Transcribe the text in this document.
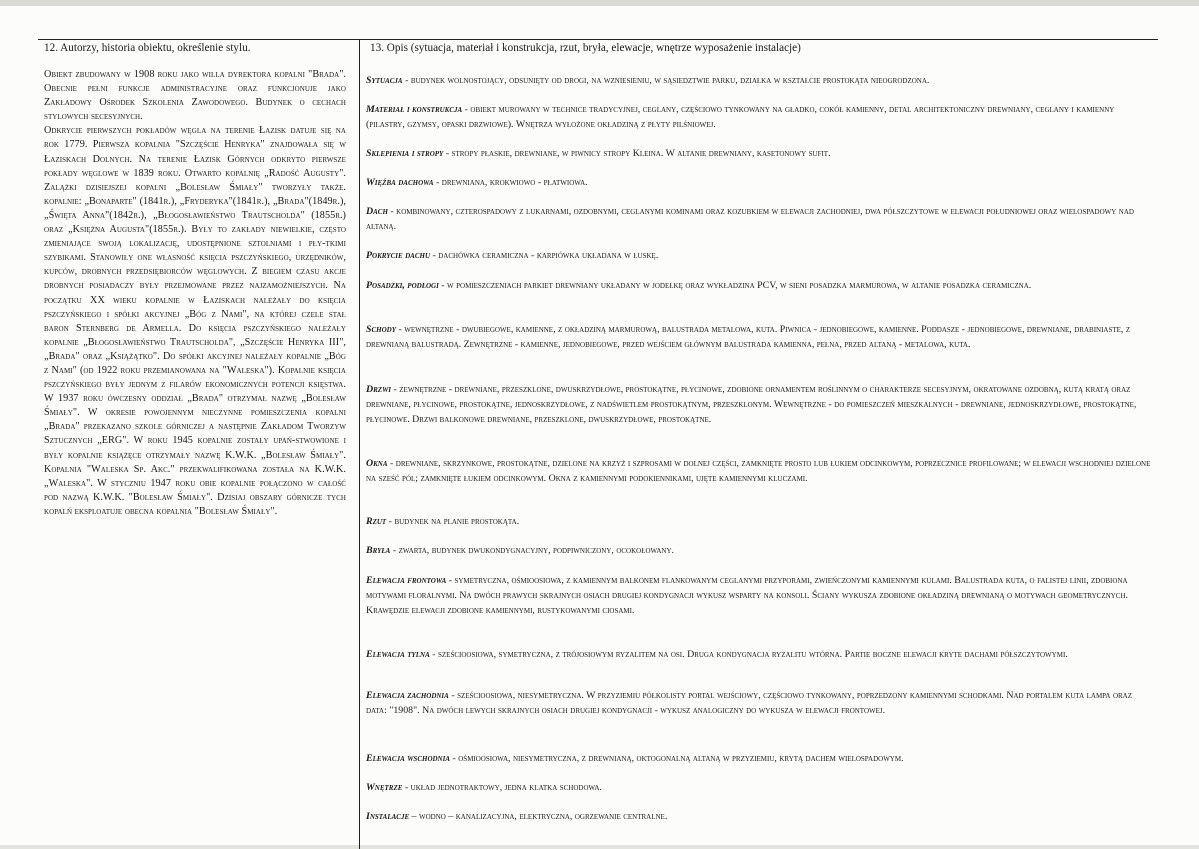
12. Autorzy, historia obiektu, określenie stylu.	13. Opis (sytuacja, materiał i konstrukcja, rzut, bryła, elewacje, wnętrze wyposażenie instalacje)

Obiekt zbudowany w 1908 roku jako willa dyrektora kopalni "Brada". Obecnie pełni funkcje administracyjne oraz funkcjonuje jako Zakładowy Ośrodek Szkolenia Zawodowego. Budynek o cechach stylowych secesyjnych.

Odkrycie pierwszych pokładów węgla na terenie Łazisk datuje się na rok 1779. Pierwsza kopalnia "Szczęście Henryka" znajdowała się w Łaziskach Dolnych. Na terenie Łazisk Górnych odkryto pierwsze pokłady węglowe w 1839 roku. Otwarto kopalnię „Radość Augusty". Zalążki dzisiejszej kopalni „Bolesław Śmiały" tworzyły także. kopalnie: „Bonaparte" (1841r.), „Fryderyka"(1841r.), „Brada"(1849r.), „Święta Anna"(1842r.), „Błogosławieństwo Trautscholda" (1855r.) oraz „Księżna Augusta"(1855r.). Były to zakłady niewielkie, często zmieniające swoją lokalizację, udostępnione sztolniami i pły-tkimi szybikami. Stanowiły one własność księcia pszczyńskiego, urzędników, kupców, drobnych przedsiębiorców węglowych. Z biegiem czasu akcje drobnych posiadaczy były przejmowane przez najzamożniejszych. Na początku XX wieku kopalnie w Łaziskach należały do księcia pszczyńskiego i spółki akcyjnej „Bóg z Nami", na której czele stał baron Sternberg de Armella. Do księcia pszczyńskiego należały kopalnie „Błogosławieństwo Trautscholda", „Szczęście Henryka III", „Brada" oraz „Książątko". Do spółki akcyjnej należały kopalnie „Bóg z Nami" (od 1922 roku przemianowana na "Waleska"). Kopalnie księcia pszczyńskiego były jednym z filarów ekonomicznych potencji księstwa. W 1937 roku ówczesny oddział „Brada" otrzymał nazwę „Bolesław Śmiały". W okresie powojennym nieczynne pomieszczenia kopalni „Brada" przekazano szkole górniczej a następnie Zakładom Tworzyw Sztucznych „ERG". W roku 1945 kopalnie zostały upań-stwowione i były kopalnie książęce otrzymały nazwę K.W.K. „Bolesław Śmiały". Kopalnia "Waleska Sp. Akc." przekwalifikowana została na K.W.K. „Waleska". W styczniu 1947 roku obie kopalnie połączono w całość pod nazwą K.W.K. "Bolesław Śmiały". Dzisiaj obszary górnicze tych kopalń eksploatuje obecna kopalnia "Bolesław Śmiały".

Sytuacja - budynek wolnostojący, odsunięty od drogi, na wzniesieniu, w sąsiedztwie parku, działka w kształcie prostokąta nieogrodzona.
Materiał i konstrukcja - obiekt murowany w technice tradycyjnej, ceglany, częściowo tynkowany na gładko, cokół kamienny, detal architektoniczny drewniany, ceglany i kamienny (pilastry, gzymsy, opaski drzwiowe). Wnętrza wyłożone okładziną z płyty pilśniowej.
Sklepienia i stropy - stropy płaskie, drewniane, w piwnicy stropy Kleina. W altanie drewniany, kasetonowy sufit.
Więźba dachowa - drewniana, krokwiowo - płatwiowa.
Dach - kombinowany, czterospadowy z lukarnami, ozdobnymi, ceglanymi kominami oraz kozubkiem w elewacji zachodniej, dwa półszczytowe w elewacji południowej oraz wielospadowy nad altaną.
Pokrycie dachu - dachówka ceramiczna - karpiówka układana w łuskę.
Posadzki, podłogi - w pomieszczeniach parkiet drewniany układany w jodełkę oraz wykładzina PCV, w sieni posadzka marmurowa, w altanie posadzka ceramiczna.
Schody - wewnętrzne - dwubiegowe, kamienne, z okładziną marmurową, balustrada metalowa, kuta. Piwnica - jednobiegowe, kamienne. Poddasze - jednobiegowe, drewniane, drabiniaste, z drewnianą balustradą. Zewnętrzne - kamienne, jednobiegowe, przed wejściem głównym balustrada kamienna, pełna, przed altaną - metalowa, kuta.
Drzwi - zewnętrzne - drewniane, przeszklone, dwuskrzydłowe, prostokątne, płycinowe, zdobione ornamentem roślinnym o charakterze secesyjnym, okratowane ozdobną, kutą kratą oraz drewniane, płycinowe, prostokątne, jednoskrzydłowe, z nadświetlem prostokątnym, przeszklonym. Wewnętrzne - do pomieszczeń mieszkalnych - drewniane, jednoskrzydłowe, prostokątne, płycinowe. Drzwi balkonowe drewniane, przeszklone, dwuskrzydłowe, prostokątne.
Okna - drewniane, skrzynkowe, prostokątne, dzielone na krzyż i szprosami w dolnej części, zamknięte prosto lub łukiem odcinkowym, poprzecznice profilowane; w elewacji wschodniej dzielone na sześć pól; zamknięte łukiem odcinkowym. Okna z kamiennymi podokiennikami, ujęte kamiennymi kluczami.
Rzut - budynek na planie prostokąta.
Bryła - zwarta, budynek dwukondygnacyjny, podpiwniczony, ocokołowany.
Elewacja frontowa - symetryczna, ośmioosiowa, z kamiennym balkonem flankowanym ceglanymi przyporami, zwieńczonymi kamiennymi kulami. Balustrada kuta, o falistej linii, zdobiona motywami floralnymi. Na dwóch prawych skrajnych osiach drugiej kondygnacji wykusz wsparty na konsoli. Ściany wykusza zdobione okładziną drewnianą o motywach geometrycznych. Krawędzie elewacji zdobione kamiennymi, rustykowanymi ciosami.
Elewacja tylna - sześcioosiowa, symetryczna, z trójosiowym ryzalitem na osi. Druga kondygnacja ryzalitu wtórna. Partie boczne elewacji kryte dachami półszczytowymi.
Elewacja zachodnia - sześcioosiowa, niesymetryczna. W przyziemiu półkolisty portal wejściowy, częściowo tynkowany, poprzedzony kamiennymi schodkami. Nad portalem kuta lampa oraz data: "1908". Na dwóch lewych skrajnych osiach drugiej kondygnacji - wykusz analogiczny do wykusza w elewacji frontowej.
Elewacja wschodnia - ośmioosiowa, niesymetryczna, z drewnianą, oktogonalną altaną w przyziemiu, krytą dachem wielospadowym.
Wnętrze - układ jednotraktowy, jedna klatka schodowa.
Instalacje – wodno – kanalizacyjna, elektryczna, ogrzewanie centralne.
